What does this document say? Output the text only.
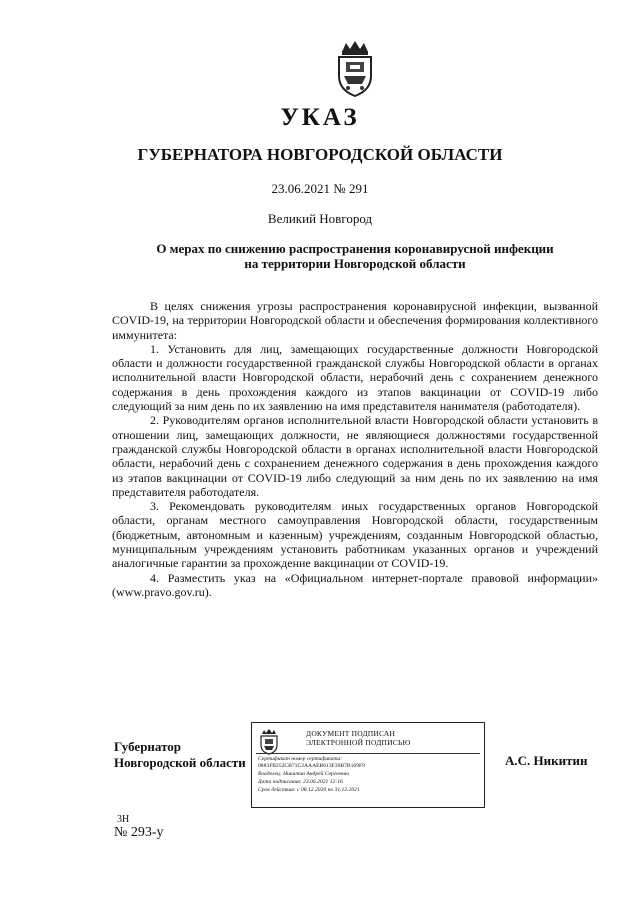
УКАЗ
ГУБЕРНАТОРА НОВГОРОДСКОЙ ОБЛАСТИ
23.06.2021 № 291
Великий Новгород
О мерах по снижению распространения коронавирусной инфекции
на территории Новгородской области

В целях снижения угрозы распространения коронавирусной инфекции, вызванной COVID-19, на территории Новгородской области и обеспечения формирования коллективного иммунитета:

1. Установить для лиц, замещающих государственные должности Новгородской области и должности государственной гражданской службы Новгородской области в органах исполнительной власти Новгородской области, нерабочий день с сохранением денежного содержания в день прохождения каждого из этапов вакцинации от COVID-19 либо следующий за ним день по их заявлению на имя представителя нанимателя (работодателя).

2. Руководителям органов исполнительной власти Новгородской области установить в отношении лиц, замещающих должности, не являющиеся должностями государственной гражданской службы Новгородской области в органах исполнительной власти Новгородской области, нерабочий день с сохранением денежного содержания в день прохождения каждого из этапов вакцинации от COVID-19 либо следующий за ним день по их заявлению на имя представителя работодателя.

3. Рекомендовать руководителям иных государственных органов Новгородской области, органам местного самоуправления Новгородской области, государственным (бюджетным, автономным и казенным) учреждениям, созданным Новгородской областью, муниципальным учреждениям установить работникам указанных органов и учреждений аналогичные гарантии за прохождение вакцинации от COVID-19.

4. Разместить указ на «Официальном интернет-портале правовой информации» (www.pravo.gov.ru).

Губернатор
Новгородской области
ДОКУМЕНТ ПОДПИСАН
ЭЛЕКТРОННОЙ ПОДПИСЬЮ
Сертификат номер сертификата:
0883FB252CB71C2AAAEB613F39B7B169F9
Владелец: Никитин Андрей Сергеевич
Дата подписания: 23.06.2021 12:16
Срок действия: с 08.12.2020 по 31.12.2021
А.С. Никитин
3Н
№ 293-у
